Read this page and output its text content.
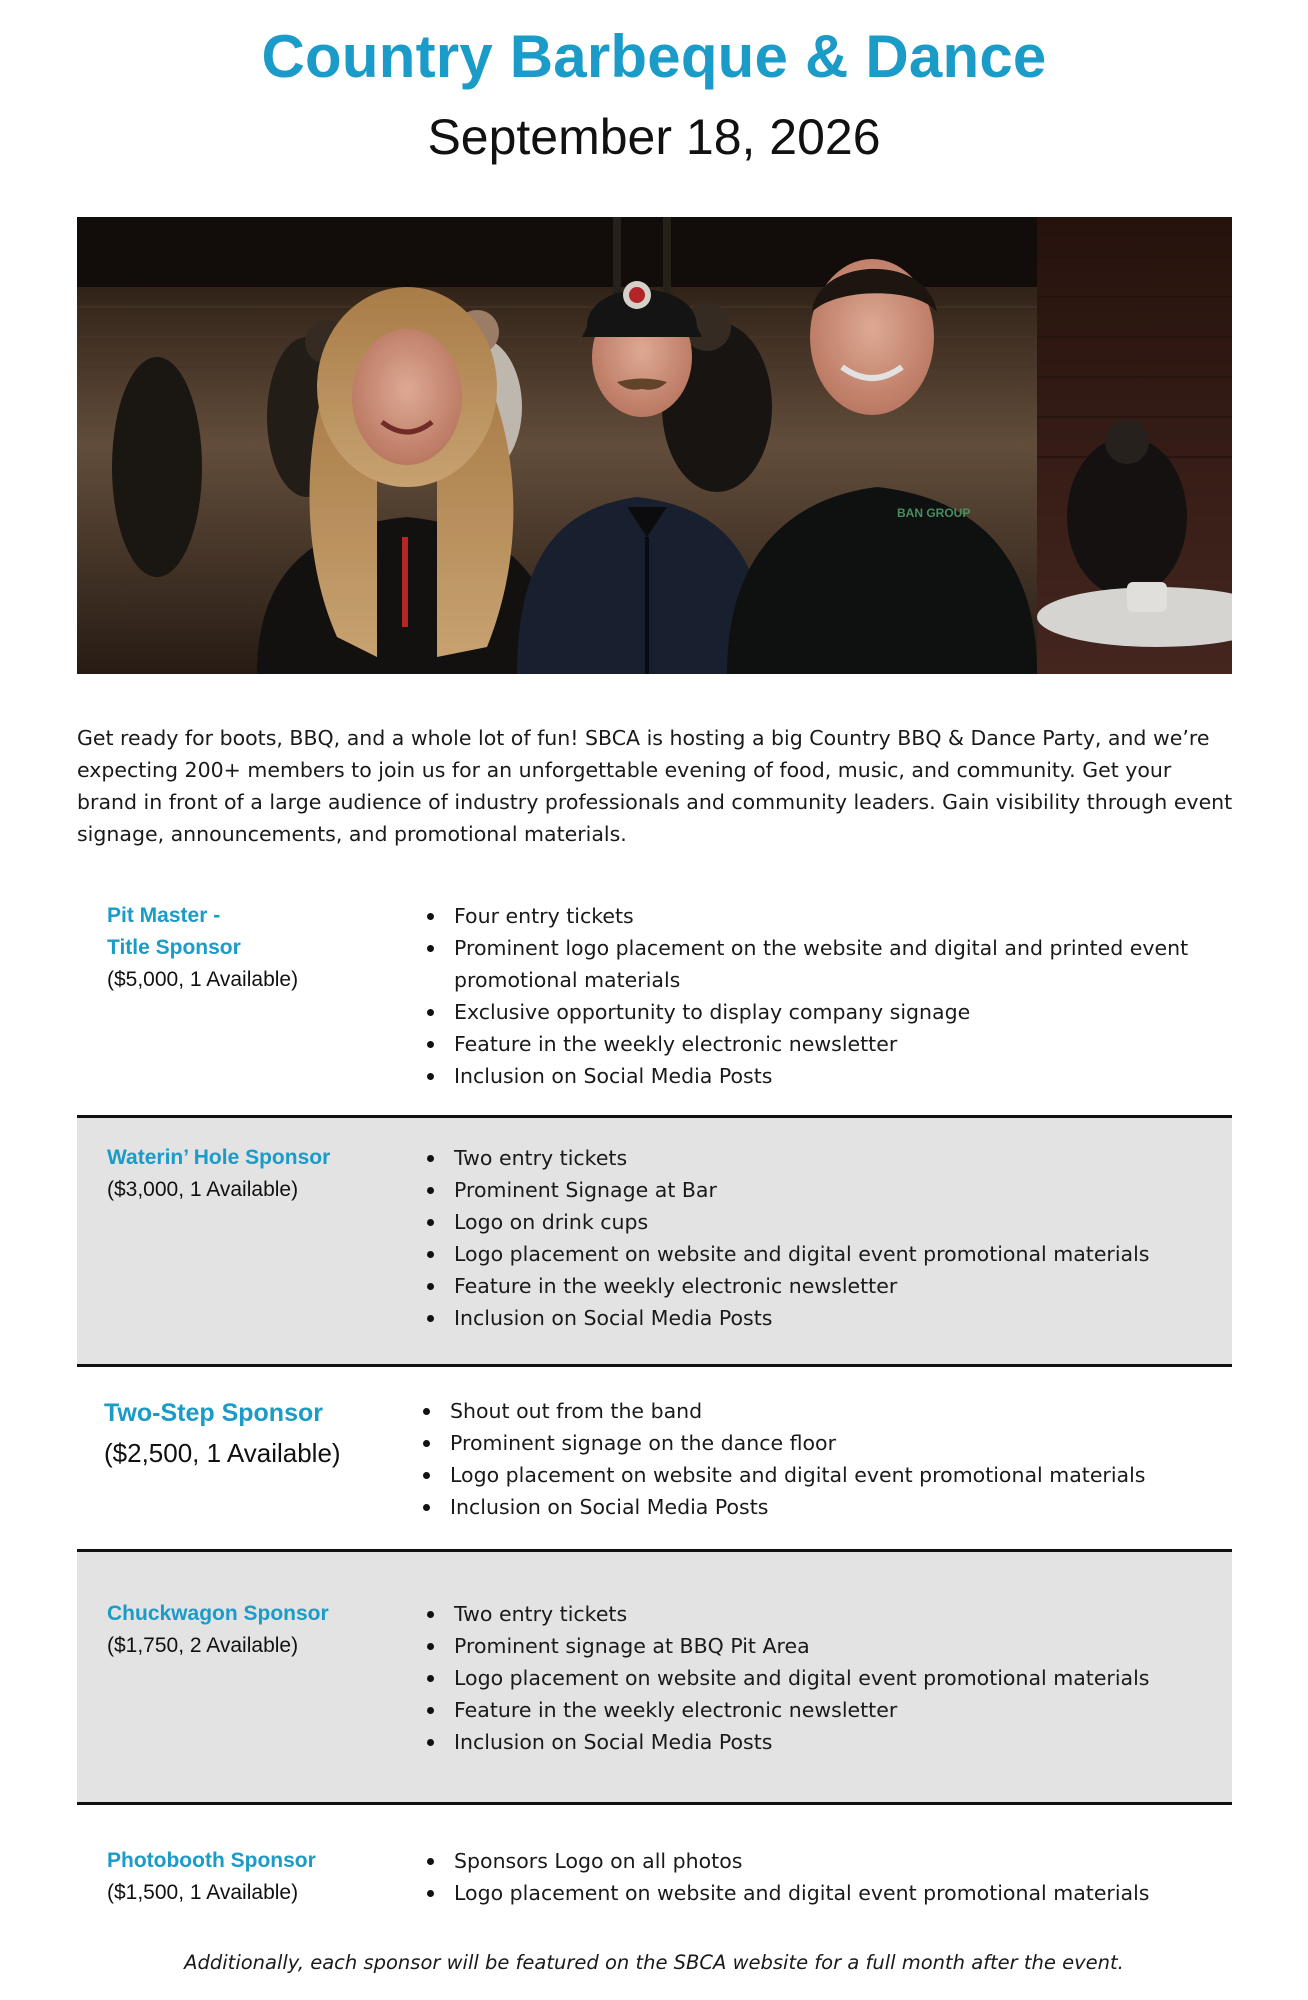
Country Barbeque & Dance
September 18, 2026
BAN GROUP

Get ready for boots, BBQ, and a whole lot of fun! SBCA is hosting a big Country BBQ & Dance Party, and we’re expecting 200+ members to join us for an unforgettable evening of food, music, and community. Get your brand in front of a large audience of industry professionals and community leaders. Gain visibility through event signage, announcements, and promotional materials.

Pit Master -
Title Sponsor
($5,000, 1 Available)
Four entry tickets
Prominent logo placement on the website and digital and printed event promotional materials
Exclusive opportunity to display company signage
Feature in the weekly electronic newsletter
Inclusion on Social Media Posts
Waterin’ Hole Sponsor
($3,000, 1 Available)
Two entry tickets
Prominent Signage at Bar
Logo on drink cups
Logo placement on website and digital event promotional materials
Feature in the weekly electronic newsletter
Inclusion on Social Media Posts
Two-Step Sponsor
($2,500, 1 Available)
Shout out from the band
Prominent signage on the dance floor
Logo placement on website and digital event promotional materials
Inclusion on Social Media Posts
Chuckwagon Sponsor
($1,750, 2 Available)
Two entry tickets
Prominent signage at BBQ Pit Area
Logo placement on website and digital event promotional materials
Feature in the weekly electronic newsletter
Inclusion on Social Media Posts
Photobooth Sponsor
($1,500, 1 Available)
Sponsors Logo on all photos
Logo placement on website and digital event promotional materials

Additionally, each sponsor will be featured on the SBCA website for a full month after the event.
